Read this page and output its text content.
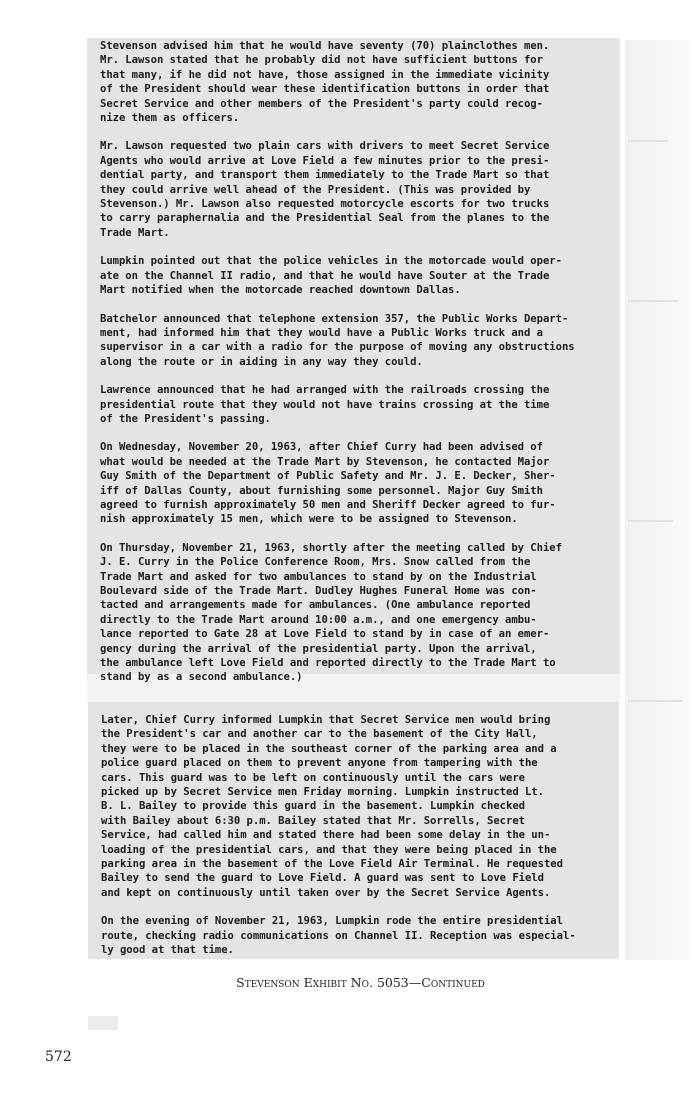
Stevenson advised him that he would have seventy (70) plainclothes men.
Mr. Lawson stated that he probably did not have sufficient buttons for
that many, if he did not have, those assigned in the immediate vicinity
of the President should wear these identification buttons in order that
Secret Service and other members of the President's party could recog-
nize them as officers.

Mr. Lawson requested two plain cars with drivers to meet Secret Service
Agents who would arrive at Love Field a few minutes prior to the presi-
dential party, and transport them immediately to the Trade Mart so that
they could arrive well ahead of the President. (This was provided by
Stevenson.) Mr. Lawson also requested motorcycle escorts for two trucks
to carry paraphernalia and the Presidential Seal from the planes to the
Trade Mart.

Lumpkin pointed out that the police vehicles in the motorcade would oper-
ate on the Channel II radio, and that he would have Souter at the Trade
Mart notified when the motorcade reached downtown Dallas.

Batchelor announced that telephone extension 357, the Public Works Depart-
ment, had informed him that they would have a Public Works truck and a
supervisor in a car with a radio for the purpose of moving any obstructions
along the route or in aiding in any way they could.

Lawrence announced that he had arranged with the railroads crossing the
presidential route that they would not have trains crossing at the time
of the President's passing.

On Wednesday, November 20, 1963, after Chief Curry had been advised of
what would be needed at the Trade Mart by Stevenson, he contacted Major
Guy Smith of the Department of Public Safety and Mr. J. E. Decker, Sher-
iff of Dallas County, about furnishing some personnel. Major Guy Smith
agreed to furnish approximately 50 men and Sheriff Decker agreed to fur-
nish approximately 15 men, which were to be assigned to Stevenson.

On Thursday, November 21, 1963, shortly after the meeting called by Chief
J. E. Curry in the Police Conference Room, Mrs. Snow called from the
Trade Mart and asked for two ambulances to stand by on the Industrial
Boulevard side of the Trade Mart. Dudley Hughes Funeral Home was con-
tacted and arrangements made for ambulances. (One ambulance reported
directly to the Trade Mart around 10:00 a.m., and one emergency ambu-
lance reported to Gate 28 at Love Field to stand by in case of an emer-
gency during the arrival of the presidential party. Upon the arrival,
the ambulance left Love Field and reported directly to the Trade Mart to
stand by as a second ambulance.)

Later, Chief Curry informed Lumpkin that Secret Service men would bring
the President's car and another car to the basement of the City Hall,
they were to be placed in the southeast corner of the parking area and a
police guard placed on them to prevent anyone from tampering with the
cars. This guard was to be left on continuously until the cars were
picked up by Secret Service men Friday morning. Lumpkin instructed Lt.
B. L. Bailey to provide this guard in the basement. Lumpkin checked
with Bailey about 6:30 p.m. Bailey stated that Mr. Sorrells, Secret
Service, had called him and stated there had been some delay in the un-
loading of the presidential cars, and that they were being placed in the
parking area in the basement of the Love Field Air Terminal. He requested
Bailey to send the guard to Love Field. A guard was sent to Love Field
and kept on continuously until taken over by the Secret Service Agents.

On the evening of November 21, 1963, Lumpkin rode the entire presidential
route, checking radio communications on Channel II. Reception was especial-
ly good at that time.

Stevenson Exhibit No. 5053—Continued

572
